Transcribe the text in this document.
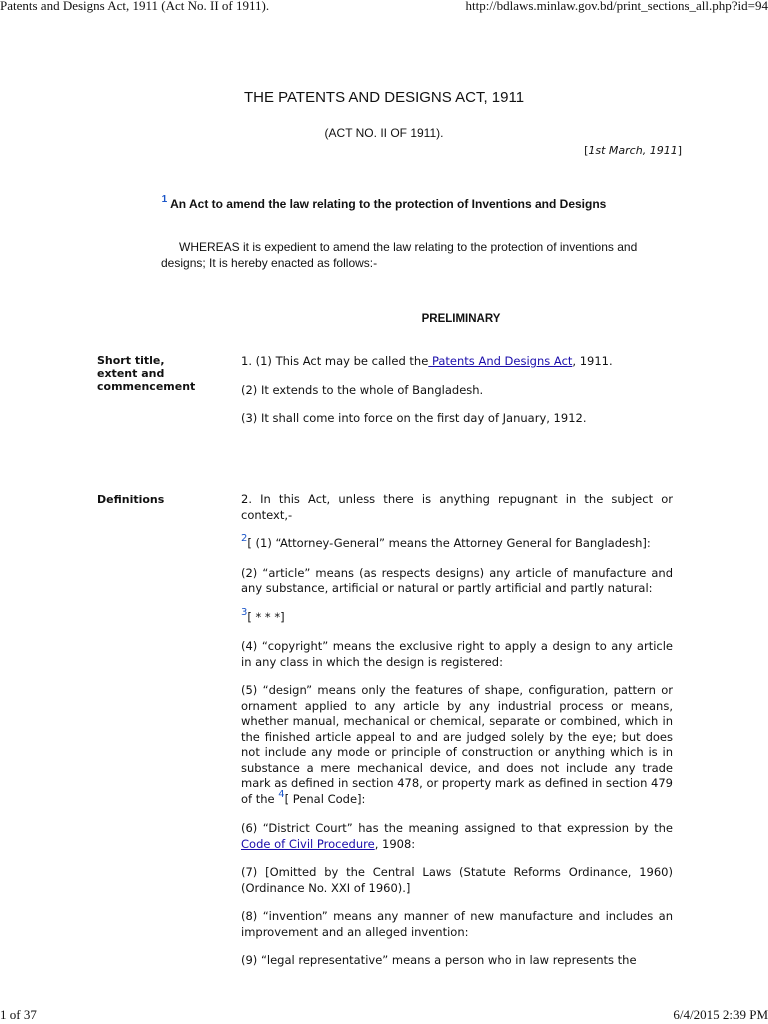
Patents and Designs Act, 1911 (Act No. II of 1911).	http://bdlaws.minlaw.gov.bd/print_sections_all.php?id=94
THE PATENTS AND DESIGNS ACT, 1911
(ACT NO. II OF 1911).
[1st March, 1911]
$^1$ An Act to amend the law relating to the protection of Inventions and Designs
WHEREAS it is expedient to amend the law relating to the protection of inventions and designs; It is hereby enacted as follows:-
PRELIMINARY
Short title, extent and commencement

1. (1) This Act may be called the Patents And Designs Act, 1911.

(2) It extends to the whole of Bangladesh.

(3) It shall come into force on the first day of January, 1912.

Definitions	2. In this Act, unless there is anything repugnant in the subject or context,-

2[ (1) “Attorney-General” means the Attorney General for Bangladesh]:

(2) “article” means (as respects designs) any article of manufacture and any substance, artificial or natural or partly artificial and partly natural:

3[ * * *]

(4) “copyright” means the exclusive right to apply a design to any article in any class in which the design is registered:

(5) “design” means only the features of shape, configuration, pattern or ornament applied to any article by any industrial process or means, whether manual, mechanical or chemical, separate or combined, which in the finished article appeal to and are judged solely by the eye; but does not include any mode or principle of construction or anything which is in substance a mere mechanical device, and does not include any trade mark as defined in section 478, or property mark as defined in section 479 of the 4[ Penal Code]:

(6) “District Court” has the meaning assigned to that expression by the Code of Civil Procedure, 1908:

(7) [Omitted by the Central Laws (Statute Reforms Ordinance, 1960) (Ordinance No. XXI of 1960).]

(8) “invention” means any manner of new manufacture and includes an improvement and an alleged invention:

(9) “legal representative” means a person who in law represents the

1 of 37	6/4/2015 2:39 PM
